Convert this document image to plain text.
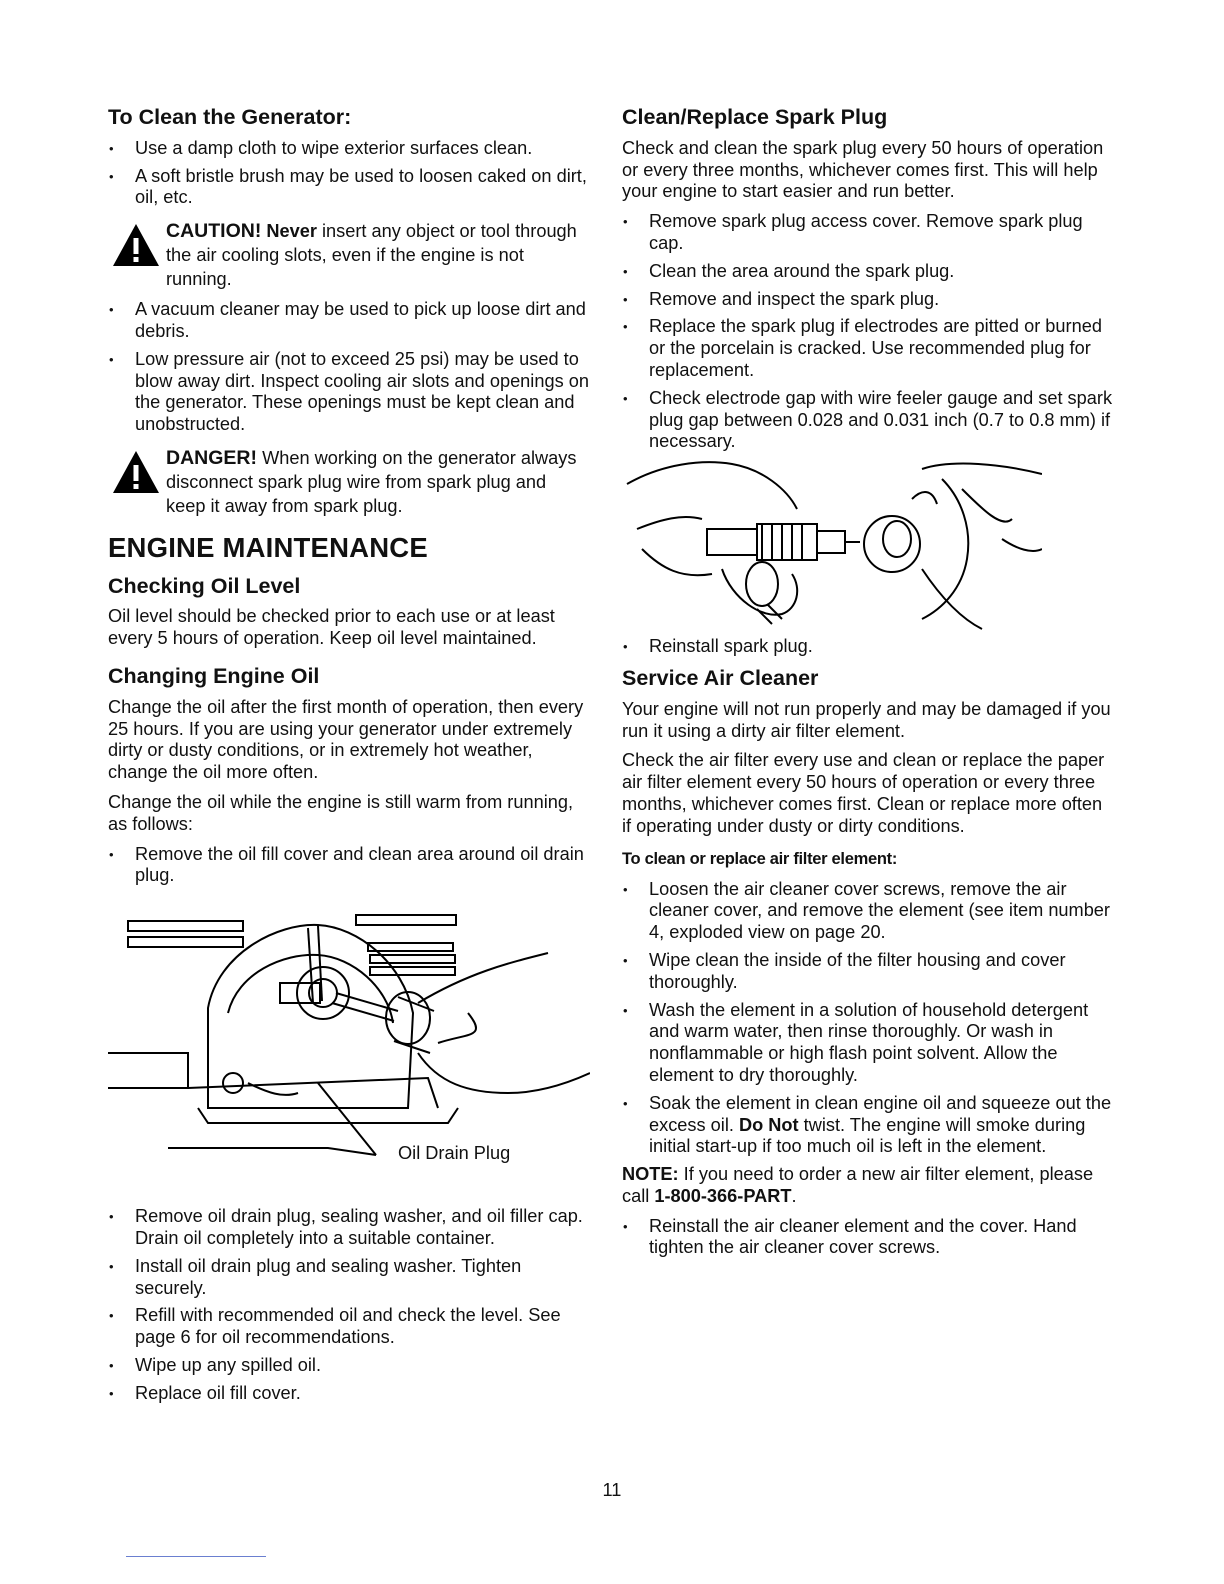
To Clean the Generator:
• Use a damp cloth to wipe exterior surfaces clean.
• A soft bristle brush may be used to loosen caked on dirt, oil, etc.
CAUTION! Never insert any object or tool through the air cooling slots, even if the engine is not running.
• A vacuum cleaner may be used to pick up loose dirt and debris.
• Low pressure air (not to exceed 25 psi) may be used to blow away dirt. Inspect cooling air slots and openings on the generator. These openings must be kept clean and unobstructed.
DANGER! When working on the generator always disconnect spark plug wire from spark plug and keep it away from spark plug.
ENGINE MAINTENANCE
Checking Oil Level

Oil level should be checked prior to each use or at least every 5 hours of operation. Keep oil level maintained.

Changing Engine Oil

Change the oil after the first month of operation, then every 25 hours. If you are using your generator under extremely dirty or dusty conditions, or in extremely hot weather, change the oil more often.

Change the oil while the engine is still warm from running, as follows:

• Remove the oil fill cover and clean area around oil drain plug.
Oil Drain Plug
• Remove oil drain plug, sealing washer, and oil filler cap. Drain oil completely into a suitable container.
• Install oil drain plug and sealing washer. Tighten securely.
• Refill with recommended oil and check the level. See page 6 for oil recommendations.
• Wipe up any spilled oil.
• Replace oil fill cover.
Clean/Replace Spark Plug

Check and clean the spark plug every 50 hours of operation or every three months, whichever comes first. This will help your engine to start easier and run better.

• Remove spark plug access cover. Remove spark plug cap.
• Clean the area around the spark plug.
• Remove and inspect the spark plug.
• Replace the spark plug if electrodes are pitted or burned or the porcelain is cracked. Use recommended plug for replacement.
• Check electrode gap with wire feeler gauge and set spark plug gap between 0.028 and 0.031 inch (0.7 to 0.8 mm) if necessary.
• Reinstall spark plug.
Service Air Cleaner

Your engine will not run properly and may be damaged if you run it using a dirty air filter element.

Check the air filter every use and clean or replace the paper air filter element every 50 hours of operation or every three months, whichever comes first. Clean or replace more often if operating under dusty or dirty conditions.

To clean or replace air filter element:
• Loosen the air cleaner cover screws, remove the air cleaner cover, and remove the element (see item number 4, exploded view on page 20.
• Wipe clean the inside of the filter housing and cover thoroughly.
• Wash the element in a solution of household detergent and warm water, then rinse thoroughly. Or wash in nonflammable or high flash point solvent. Allow the element to dry thoroughly.
• Soak the element in clean engine oil and squeeze out the excess oil. Do Not twist. The engine will smoke during initial start-up if too much oil is left in the element.

NOTE: If you need to order a new air filter element, please call 1-800-366-PART.

• Reinstall the air cleaner element and the cover. Hand tighten the air cleaner cover screws.
11
